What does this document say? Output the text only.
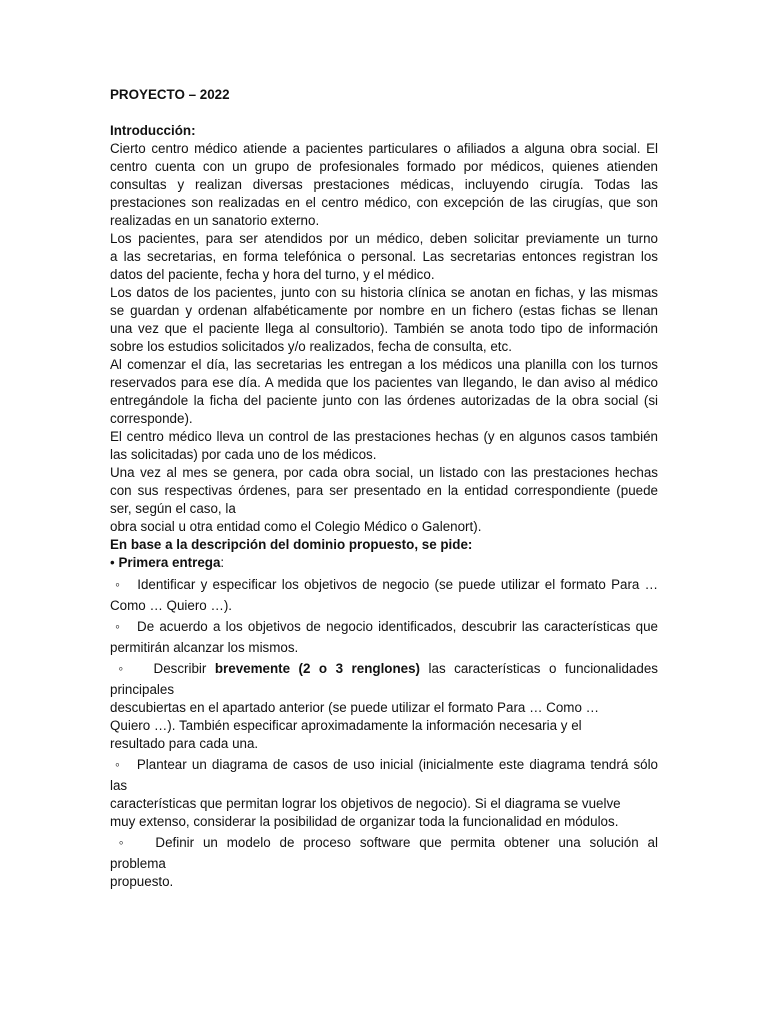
PROYECTO – 2022
Introducción:
Cierto centro médico atiende a pacientes particulares o afiliados a alguna obra social. El
centro cuenta con un grupo de profesionales formado por médicos, quienes atienden
consultas y realizan diversas prestaciones médicas, incluyendo cirugía. Todas las
prestaciones son realizadas en el centro médico, con excepción de las cirugías, que son
realizadas en un sanatorio externo.
Los pacientes, para ser atendidos por un médico, deben solicitar previamente un turno
a las secretarias, en forma telefónica o personal. Las secretarias entonces registran los
datos del paciente, fecha y hora del turno, y el médico.
Los datos de los pacientes, junto con su historia clínica se anotan en fichas, y las mismas
se guardan y ordenan alfabéticamente por nombre en un fichero (estas fichas se llenan
una vez que el paciente llega al consultorio). También se anota todo tipo de información
sobre los estudios solicitados y/o realizados, fecha de consulta, etc.
Al comenzar el día, las secretarias les entregan a los médicos una planilla con los turnos
reservados para ese día. A medida que los pacientes van llegando, le dan aviso al médico
entregándole la ficha del paciente junto con las órdenes autorizadas de la obra social (si
corresponde).
El centro médico lleva un control de las prestaciones hechas (y en algunos casos también
las solicitadas) por cada uno de los médicos.
Una vez al mes se genera, por cada obra social, un listado con las prestaciones hechas
con sus respectivas órdenes, para ser presentado en la entidad correspondiente (puede
ser, según el caso, la
obra social u otra entidad como el Colegio Médico o Galenort).
En base a la descripción del dominio propuesto, se pide:
• Primera entrega:
◦ Identificar y especificar los objetivos de negocio (se puede utilizar el formato Para …
Como … Quiero …).
◦ De acuerdo a los objetivos de negocio identificados, descubrir las características que
permitirán alcanzar los mismos.
◦ Describir brevemente (2 o 3 renglones) las características o funcionalidades
principales
descubiertas en el apartado anterior (se puede utilizar el formato Para … Como …
Quiero …). También especificar aproximadamente la información necesaria y el
resultado para cada una.
◦ Plantear un diagrama de casos de uso inicial (inicialmente este diagrama tendrá sólo
las
características que permitan lograr los objetivos de negocio). Si el diagrama se vuelve
muy extenso, considerar la posibilidad de organizar toda la funcionalidad en módulos.
◦ Definir un modelo de proceso software que permita obtener una solución al
problema
propuesto.
